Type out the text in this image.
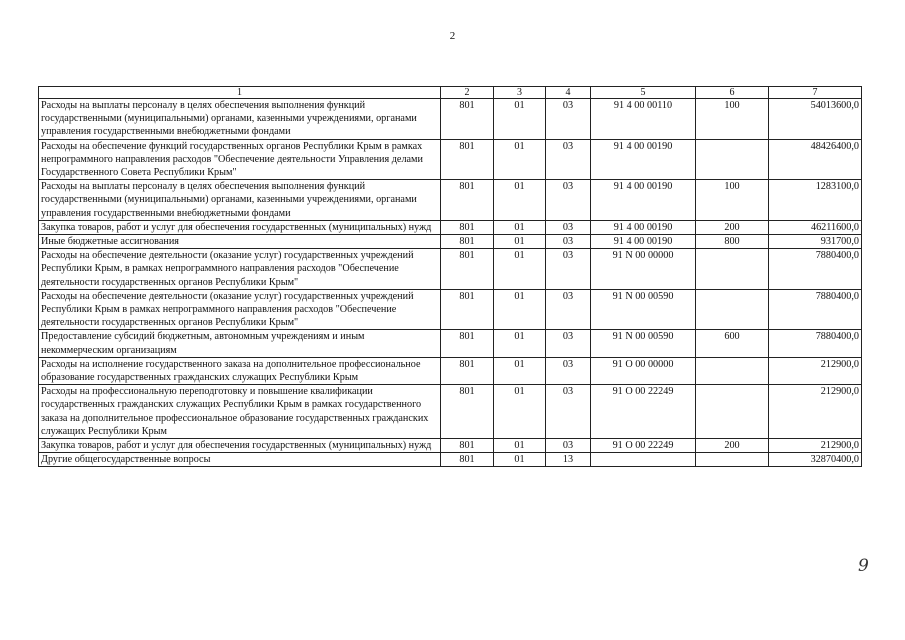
2
1	2	3	4	5	6	7
Расходы на выплаты персоналу в целях обеспечения выполнения функций государственными (муниципальными) органами, казенными учреждениями, органами управления государственными внебюджетными фондами	801	01	03	91 4 00 00110	100	54013600,0
Расходы на обеспечение функций государственных органов Республики Крым в рамках непрограммного направления расходов "Обеспечение деятельности Управления делами Государственного Совета Республики Крым"	801	01	03	91 4 00 00190		48426400,0
Расходы на выплаты персоналу в целях обеспечения выполнения функций государственными (муниципальными) органами, казенными учреждениями, органами управления государственными внебюджетными фондами	801	01	03	91 4 00 00190	100	1283100,0
Закупка товаров, работ и услуг для обеспечения государственных (муниципальных) нужд	801	01	03	91 4 00 00190	200	46211600,0
Иные бюджетные ассигнования	801	01	03	91 4 00 00190	800	931700,0
Расходы на обеспечение деятельности (оказание услуг) государственных учреждений Республики Крым, в рамках непрограммного направления расходов "Обеспечение деятельности государственных органов Республики Крым"	801	01	03	91 N 00 00000		7880400,0
Расходы на обеспечение деятельности (оказание услуг) государственных учреждений Республики Крым в рамках непрограммного направления расходов "Обеспечение деятельности государственных органов Республики Крым"	801	01	03	91 N 00 00590		7880400,0
Предоставление субсидий бюджетным, автономным учреждениям и иным некоммерческим организациям	801	01	03	91 N 00 00590	600	7880400,0
Расходы на исполнение государственного заказа на дополнительное профессиональное образование государственных гражданских служащих Республики Крым	801	01	03	91 O 00 00000		212900,0
Расходы на профессиональную переподготовку и повышение квалификации государственных гражданских служащих Республики Крым в рамках государственного заказа на дополнительное профессиональное образование государственных гражданских служащих Республики Крым	801	01	03	91 O 00 22249		212900,0
Закупка товаров, работ и услуг для обеспечения государственных (муниципальных) нужд	801	01	03	91 O 00 22249	200	212900,0
Другие общегосударственные вопросы	801	01	13			32870400,0
9
